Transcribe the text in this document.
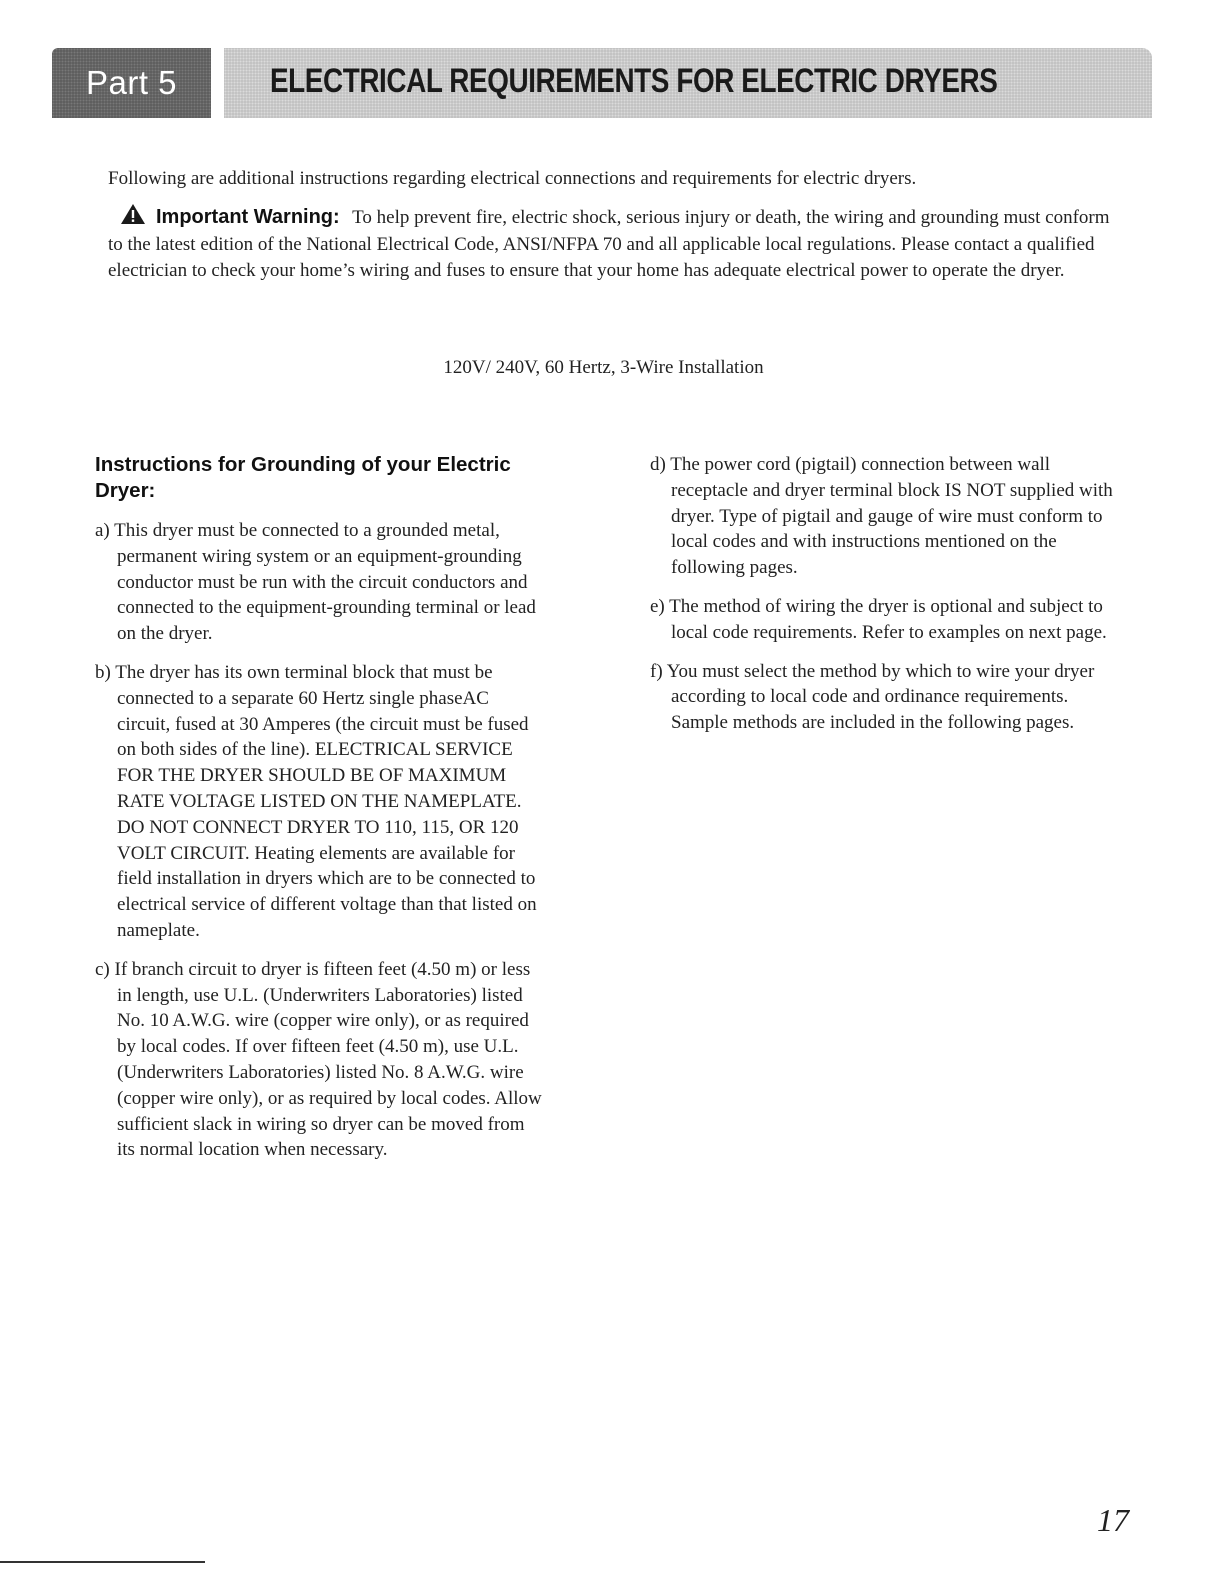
Part 5	ELECTRICAL REQUIREMENTS FOR ELECTRIC DRYERS
Following are additional instructions regarding electrical connections and requirements for electric dryers.
Important Warning: To help prevent fire, electric shock, serious injury or death, the wiring and grounding must conform to the latest edition of the National Electrical Code, ANSI/NFPA 70 and all applicable local regulations. Please contact a qualified electrician to check your home’s wiring and fuses to ensure that your home has adequate electrical power to operate the dryer.
120V/ 240V, 60 Hertz, 3-Wire Installation
Instructions for Grounding of your Electric Dryer:
a) This dryer must be connected to a grounded metal, permanent wiring system or an equipment-grounding conductor must be run with the circuit conductors and connected to the equipment-grounding terminal or lead on the dryer.
b) The dryer has its own terminal block that must be connected to a separate 60 Hertz single phaseAC circuit, fused at 30 Amperes (the circuit must be fused on both sides of the line). ELECTRICAL SERVICE FOR THE DRYER SHOULD BE OF MAXIMUM RATE VOLTAGE LISTED ON THE NAMEPLATE. DO NOT CONNECT DRYER TO 110, 115, OR 120 VOLT CIRCUIT. Heating elements are available for field installation in dryers which are to be connected to electrical service of different voltage than that listed on nameplate.
c) If branch circuit to dryer is fifteen feet (4.50 m) or less in length, use U.L. (Underwriters Laboratories) listed No. 10 A.W.G. wire (copper wire only), or as required by local codes. If over fifteen feet (4.50 m), use U.L. (Underwriters Laboratories) listed No. 8 A.W.G. wire (copper wire only), or as required by local codes. Allow sufficient slack in wiring so dryer can be moved from its normal location when necessary.
d) The power cord (pigtail) connection between wall receptacle and dryer terminal block IS NOT supplied with dryer. Type of pigtail and gauge of wire must conform to local codes and with instructions mentioned on the following pages.
e) The method of wiring the dryer is optional and subject to local code requirements. Refer to examples on next page.
f) You must select the method by which to wire your dryer according to local code and ordinance requirements. Sample methods are included in the following pages.
17
